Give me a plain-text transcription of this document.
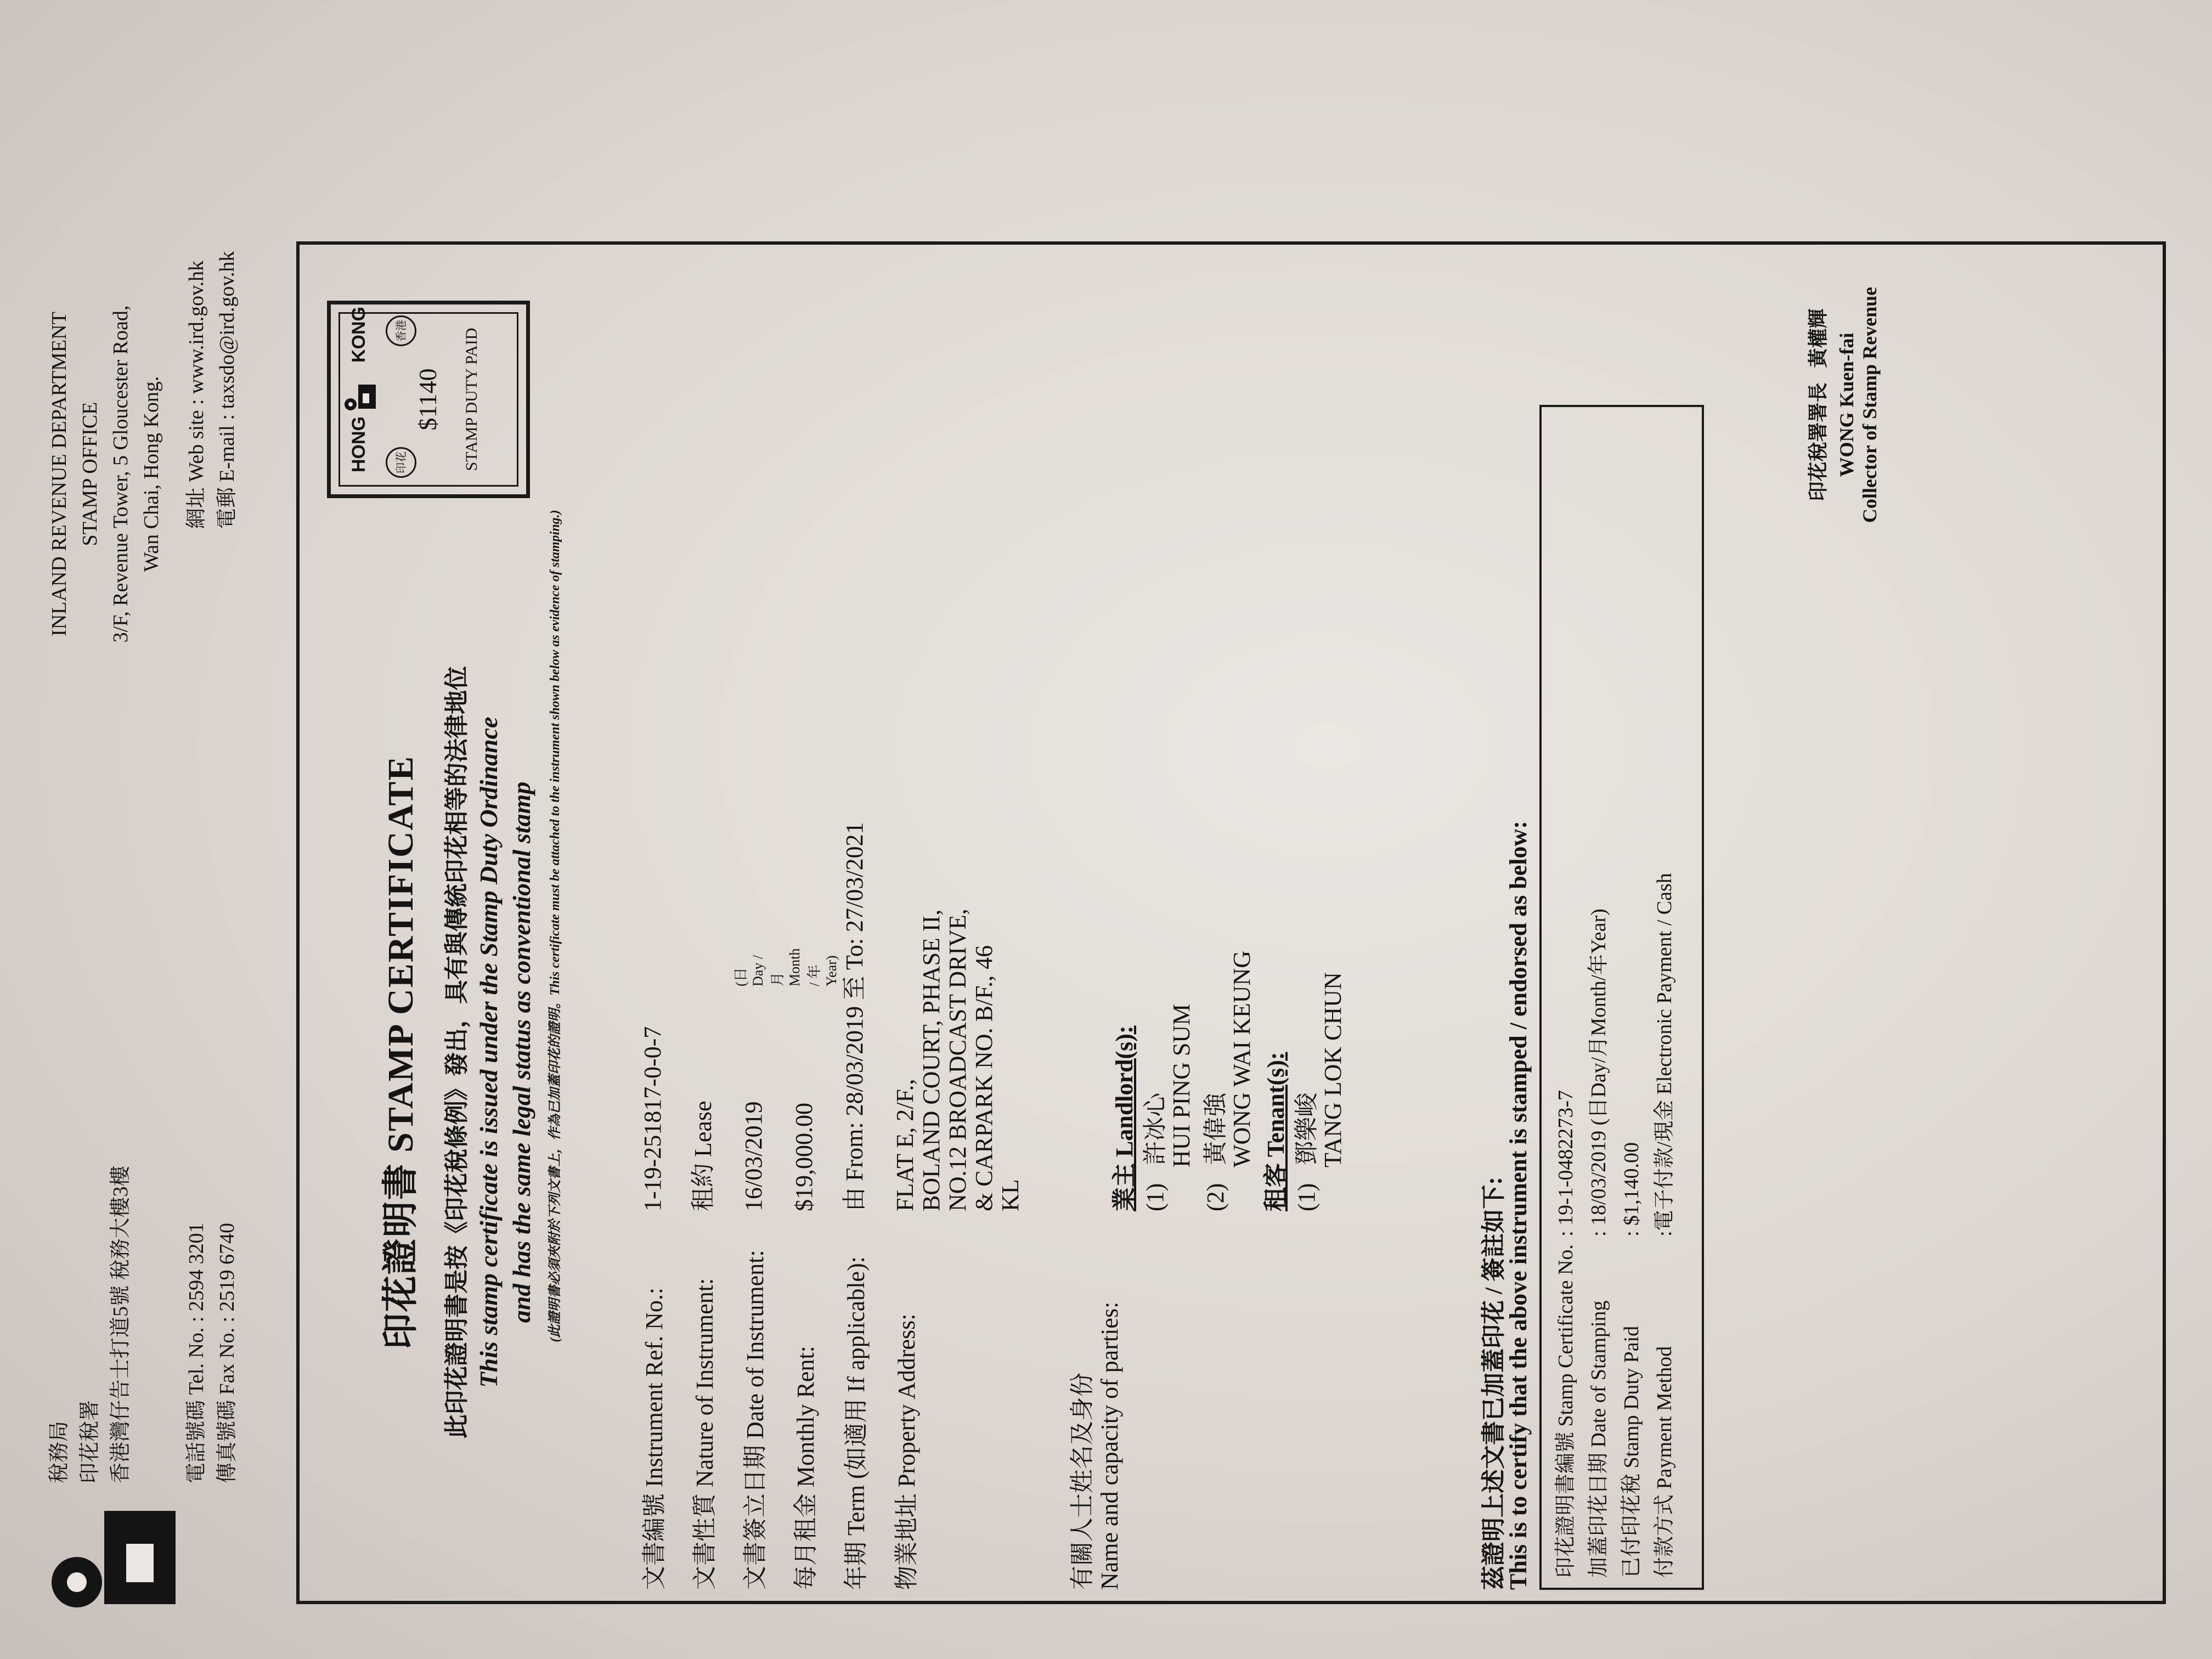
INLAND REVENUE DEPARTMENT STAMP OFFICE 3/F, Revenue Tower, 5 Gloucester Road, Wan Chai, Hong Kong. 網址 Web site : www.ird.gov.hk
電郵 E-mail : taxsdo@ird.gov.hk
稅務局 印花稅署 香港灣仔告士打道5號 稅務大樓3樓	電話號碼 Tel. No. : 2594 3201
傳真號碼 Fax No. : 2519 6740	印花證明書 STAMP CERTIFICATE 此印花證明書是按《印花稅條例》發出，具有與傳統印花相等的法律地位 This stamp certificate is issued under the Stamp Duty Ordinance and has the same legal status as conventional stamp (此證明書必須夾附於下列文書上，作為已加蓋印花的證明。This certificate must be attached to the instrument shown below as evidence of stamping.)
HONG
KONG
印花
香港
$1140 STAMP DUTY PAID
文書編號 Instrument Ref. No.:
1-19-251817-0-0-7
文書性質 Nature of Instrument:
租約 Lease
文書簽立日期 Date of Instrument:
16/03/2019
(日 Day / 月 Month / 年 Year)
每月租金 Monthly Rent:
$19,000.00
年期 Term (如適用 If applicable):
由 From: 28/03/2019 至 To: 27/03/2021
物業地址 Property Address:
FLAT E, 2/F., BOLAND COURT, PHASE II, NO.12 BROADCAST DRIVE, & CARPARK NO. B/F., 46 KL
有關人士姓名及身份 Name and capacity of parties:
業主 Landlord(s): (1)   許冰心 HUI PING SUM
(2)   黃偉強 WONG WAI KEUNG 租客 Tenant(s): (1)   鄧樂峻 TANG LOK CHUN
茲證明上述文書已加蓋印花 / 簽註如下:
This is to certify that the above instrument is stamped / endorsed as below: 印花證明書編號 Stamp Certificate No.
: 19-1-0482273-7
加蓋印花日期 Date of Stamping
: 18/03/2019 (日Day/月Month/年Year)
已付印花稅 Stamp Duty Paid
: $1,140.00
付款方式 Payment Method
:電子付款/現金 Electronic Payment / Cash
印花稅署署長   黃權輝 WONG Kuen-fai Collector of Stamp Revenue
